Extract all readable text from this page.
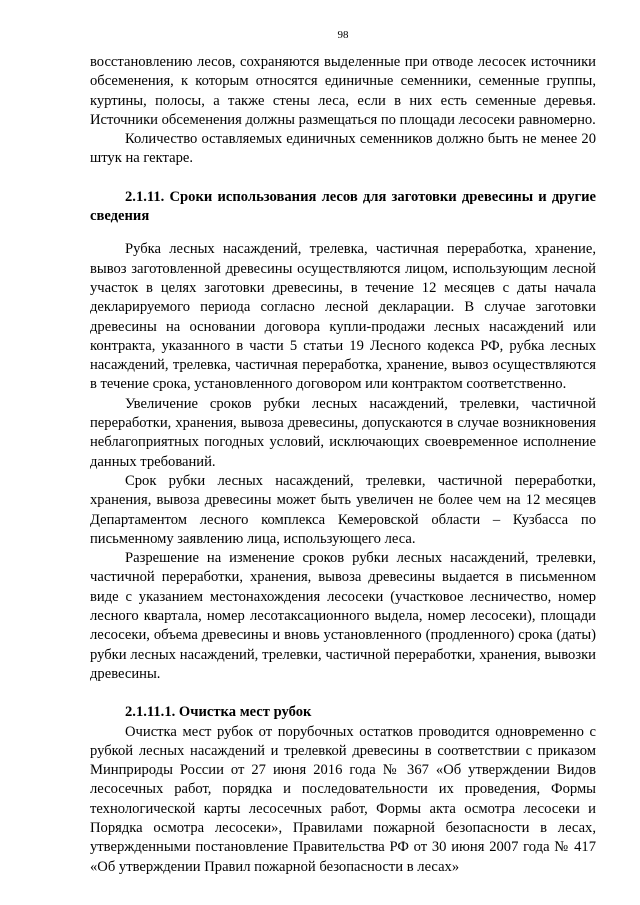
98

восстановлению лесов, сохраняются выделенные при отводе лесосек источники обсеменения, к которым относятся единичные семенники, семенные группы, куртины, полосы, а также стены леса, если в них есть семенные деревья. Источники обсеменения должны размещаться по площади лесосеки равномерно.

Количество оставляемых единичных семенников должно быть не менее 20 штук на гектаре.

2.1.11. Сроки использования лесов для заготовки древесины и другие сведения

Рубка лесных насаждений, трелевка, частичная переработка, хранение, вывоз заготовленной древесины осуществляются лицом, использующим лесной участок в целях заготовки древесины, в течение 12 месяцев с даты начала декларируемого периода согласно лесной декларации. В случае заготовки древесины на основании договора купли-продажи лесных насаждений или контракта, указанного в части 5 статьи 19 Лесного кодекса РФ, рубка лесных насаждений, трелевка, частичная переработка, хранение, вывоз осуществляются в течение срока, установленного договором или контрактом соответственно.

Увеличение сроков рубки лесных насаждений, трелевки, частичной переработки, хранения, вывоза древесины, допускаются в случае возникновения неблагоприятных погодных условий, исключающих своевременное исполнение данных требований.

Срок рубки лесных насаждений, трелевки, частичной переработки, хранения, вывоза древесины может быть увеличен не более чем на 12 месяцев Департаментом лесного комплекса Кемеровской области – Кузбасса по письменному заявлению лица, использующего леса.

Разрешение на изменение сроков рубки лесных насаждений, трелевки, частичной переработки, хранения, вывоза древесины выдается в письменном виде с указанием местонахождения лесосеки (участковое лесничество, номер лесного квартала, номер лесотаксационного выдела, номер лесосеки), площади лесосеки, объема древесины и вновь установленного (продленного) срока (даты) рубки лесных насаждений, трелевки, частичной переработки, хранения, вывозки древесины.

2.1.11.1. Очистка мест рубок

Очистка мест рубок от порубочных остатков проводится одновременно с рубкой лесных насаждений и трелевкой древесины в соответствии с приказом Минприроды России от 27 июня 2016 года № 367 «Об утверждении Видов лесосечных работ, порядка и последовательности их проведения, Формы технологической карты лесосечных работ, Формы акта осмотра лесосеки и Порядка осмотра лесосеки», Правилами пожарной безопасности в лесах, утвержденными постановление Правительства РФ от 30 июня 2007 года № 417 «Об утверждении Правил пожарной безопасности в лесах»
